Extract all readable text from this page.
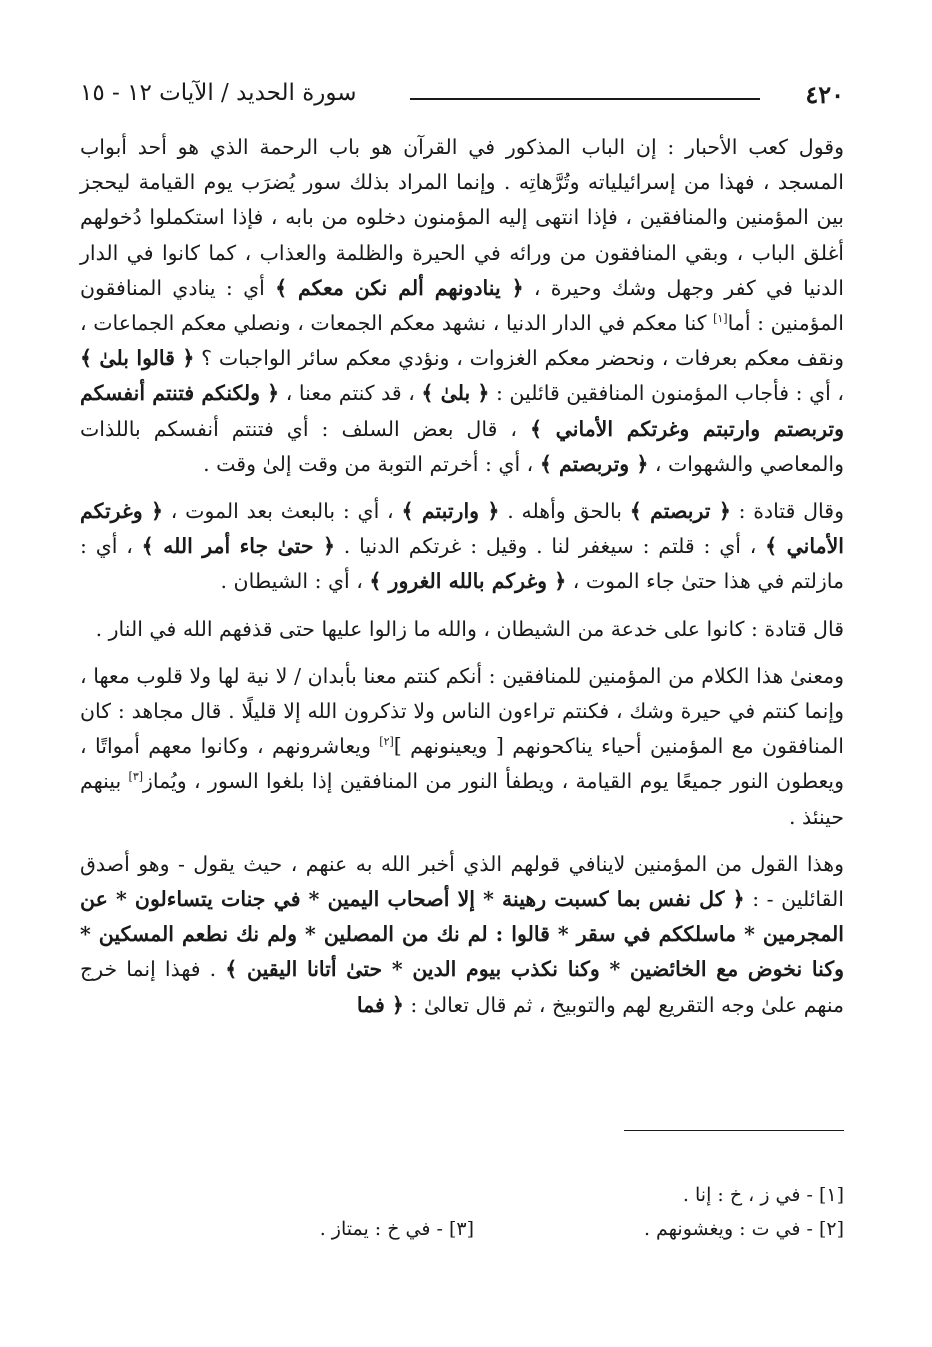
٤٢٠
سورة الحديد / الآيات ١٢ - ١٥

وقول كعب الأحبار : إن الباب المذكور في القرآن هو باب الرحمة الذي هو أحد أبواب المسجد ، فهذا من إسرائيلياته وتُرَّهاتِه . وإنما المراد بذلك سور يُضرَب يوم القيامة ليحجز بين المؤمنين والمنافقين ، فإذا انتهى إليه المؤمنون دخلوه من بابه ، فإذا استكملوا دُخولهم أغلق الباب ، وبقي المنافقون من ورائه في الحيرة والظلمة والعذاب ، كما كانوا في الدار الدنيا في كفر وجهل وشك وحيرة ، ﴿ ينادونهم ألم نكن معكم ﴾ أي : ينادي المنافقون المؤمنين : أما[١] كنا معكم في الدار الدنيا ، نشهد معكم الجمعات ، ونصلي معكم الجماعات ، ونقف معكم بعرفات ، ونحضر معكم الغزوات ، ونؤدي معكم سائر الواجبات ؟ ﴿ قالوا بلىٰ ﴾ ، أي : فأجاب المؤمنون المنافقين قائلين : ﴿ بلىٰ ﴾ ، قد كنتم معنا ، ﴿ ولكنكم فتنتم أنفسكم وتربصتم وارتبتم وغرتكم الأماني ﴾ ، قال بعض السلف : أي فتنتم أنفسكم باللذات والمعاصي والشهوات ، ﴿ وتربصتم ﴾ ، أي : أخرتم التوبة من وقت إلىٰ وقت .

وقال قتادة : ﴿ تربصتم ﴾ بالحق وأهله . ﴿ وارتبتم ﴾ ، أي : بالبعث بعد الموت ، ﴿ وغرتكم الأماني ﴾ ، أي : قلتم : سيغفر لنا . وقيل : غرتكم الدنيا . ﴿ حتىٰ جاء أمر الله ﴾ ، أي : مازلتم في هذا حتىٰ جاء الموت ، ﴿ وغركم بالله الغرور ﴾ ، أي : الشيطان .

قال قتادة : كانوا على خدعة من الشيطان ، والله ما زالوا عليها حتى قذفهم الله في النار .

ومعنىٰ هذا الكلام من المؤمنين للمنافقين : أنكم كنتم معنا بأبدان / لا نية لها ولا قلوب معها ، وإنما كنتم في حيرة وشك ، فكنتم تراءون الناس ولا تذكرون الله إلا قليلًا . قال مجاهد : كان المنافقون مع المؤمنين أحياء يناكحونهم [ ويعينونهم ][٢] ويعاشرونهم ، وكانوا معهم أمواتًا ، ويعطون النور جميعًا يوم القيامة ، ويطفأ النور من المنافقين إذا بلغوا السور ، ويُماز[٣] بينهم حينئذ .

وهذا القول من المؤمنين لاينافي قولهم الذي أخبر الله به عنهم ، حيث يقول - وهو أصدق القائلين - : ﴿ كل نفس بما كسبت رهينة * إلا أصحاب اليمين * في جنات يتساءلون * عن المجرمين * ماسلككم في سقر * قالوا : لم نك من المصلين * ولم نك نطعم المسكين * وكنا نخوض مع الخائضين * وكنا نكذب بيوم الدين * حتىٰ أتانا اليقين ﴾ . فهذا إنما خرج منهم علىٰ وجه التقريع لهم والتوبيخ ، ثم قال تعالىٰ : ﴿ فما

[١] - في ز ، خ : إنا .
[٢] - في ت : ويغشونهم .
[٣] - في خ : يمتاز .
